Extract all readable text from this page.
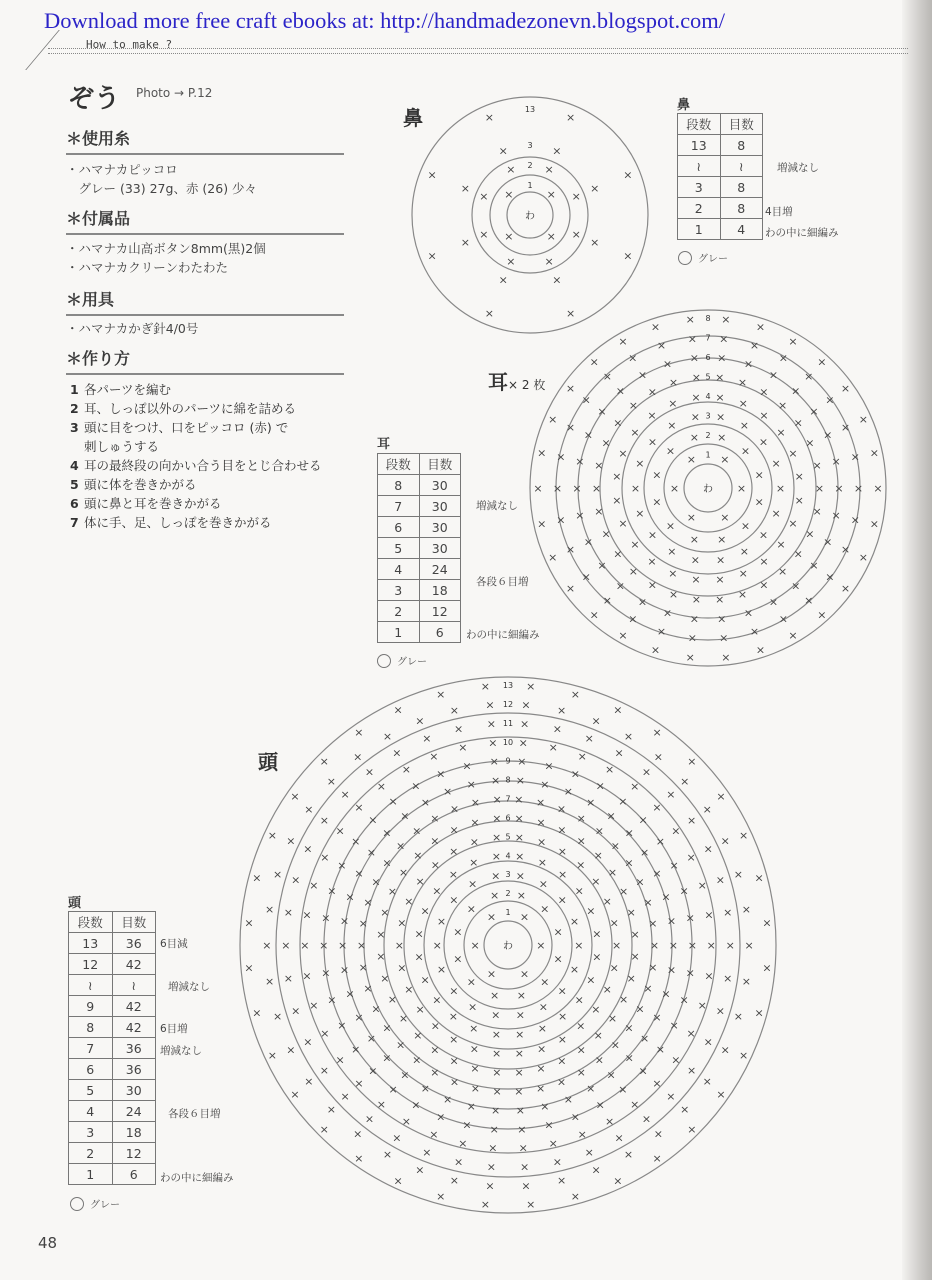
Download more free craft ebooks at: http://handmadezonevn.blogspot.com/
How to make ?
ぞう Photo → P.12
＊使用糸
・ハマナカピッコロ
　グレー (33) 27g、赤 (26) 少々
＊付属品
・ハマナカ山高ボタン8mm(黒)2個
・ハマナカクリーンわたわた
＊用具
・ハマナカかぎ針4/0号
＊作り方
1 各パーツを編む
2 耳、しっぽ以外のパーツに綿を詰める
3 頭に目をつけ、口をピッコロ (赤) で
刺しゅうする
4 耳の最終段の向かい合う目をとじ合わせる
5 頭に体を巻きかがる
6 頭に鼻と耳を巻きかがる
7 体に手、足、しっぽを巻きかがる
わ
×
×
×
×
1
×
×
×
×
×
×
×
× 2
×
×
×
×
×
×
×
× 3
×
×
×
×
×
×
×
×
13
わ
×
×
×
×
×
× 1
×
×
×
×
×
×
×
×
×
×
×
× 2
×
×
×
×
×
×
×
×
×
×
×
×
×
×
×
×
×
× 3
× ×
×
×
×
×
×
×
×
×
×
×
×
×
×
×
×
×
×
×
×
×
× × 4
× ×
×
×
×
×
×
×
×
×
×
×
×
×
×
×
×
×
×
×
×
×
×
×
×
×
×
×
× × 5
× ×
×
×
×
×
×
×
×
×
×
×
×
×
×
×
×
×
×
×
×
×
×
×
×
×
×
×
× × 6
×
×
×
×
×
×
×
×
×
×
×
×
×
×
×
×
×
×
×
×
×
×
×
×
×
×
×
×
×
× 7
×
×
×
×
×
×
×
×
×
×
×
×
×
×
×
×
×
×
×
×
×
×
×
×
×
×
×
×
×
× 8
わ
×
×
×
×
×
× 1
×
×
×
×
×
×
×
×
×
×
×
× 2
×
×
×
×
×
×
×
×
×
×
×
×
×
×
×
×
×
× 3
× ×
×
×
×
×
×
×
×
×
×
×
×
×
×
×
×
×
×
×
×
×
× × 4
× ×
×
×
×
×
×
×
×
×
×
×
×
×
×
×
×
×
×
×
×
×
×
×
×
×
×
×
× × 5
× ×
×
×
×
×
×
×
×
×
×
×
×
×
×
×
×
×
×
×
×
×
×
×
×
×
×
×
×
×
×
×
×
×
× × 6
× × ×
×
×
×
×
×
×
×
×
×
×
×
×
×
×
×
×
×
×
×
×
×
×
×
×
×
×
×
×
×
×
×
×
×
×
×
×
× × × 7
× ×
×
×
×
×
×
×
×
×
×
×
×
×
×
×
×
×
×
×
×
×
×
×
×
×
×
×
×
×
×
×
×
×
×
×
×
×
×
×
× × 8
× ×
×
×
×
×
×
×
×
×
×
×
×
×
×
×
×
×
×
×
×
×
×
×
×
×
×
×
×
×
×
×
×
×
×
×
×
×
×
×
× × 9
× ×
×
×
×
×
×
×
×
×
×
×
×
×
×
×
×
×
×
×
×
×
×
×
×
×
×
×
×
×
×
×
×
×
×
×
×
×
×
×
× × 10
× ×
×
×
×
×
×
×
×
×
×
×
×
×
×
×
×
×
×
×
×
×
×
×
×
×
×
×
×
×
×
×
×
×
×
×
×
×
×
×
× × 11
× ×
×
×
×
×
×
×
×
×
×
×
×
×
×
×
×
×
×
×
×
×
×
×
×
×
×
×
×
×
×
×
×
×
×
×
×
×
×
×
× × 12
×
×
×
×
×
×
×
×
×
×
×
×
×
×
×
×
×
×
×
×
×
×
×
×
×
×
×
×
×
×
×
×
×
×
×
× 13
鼻
耳× 2 枚
頭
鼻
段数	目数
13	8
≀	≀
3	8
2	8
1	4
増減なし
4目増
わの中に細編み
グレー
耳
段数	目数
8	30
7	30
6	30
5	30
4	24
3	18
2	12
1	6
増減なし
各段６目増
わの中に細編み
グレー
頭
段数	目数
13	36
12	42
≀	≀
9	42
8	42
7	36
6	36
5	30
4	24
3	18
2	12
1	6
6目減
増減なし
6目増
増減なし
各段６目増
わの中に細編み
グレー
48
